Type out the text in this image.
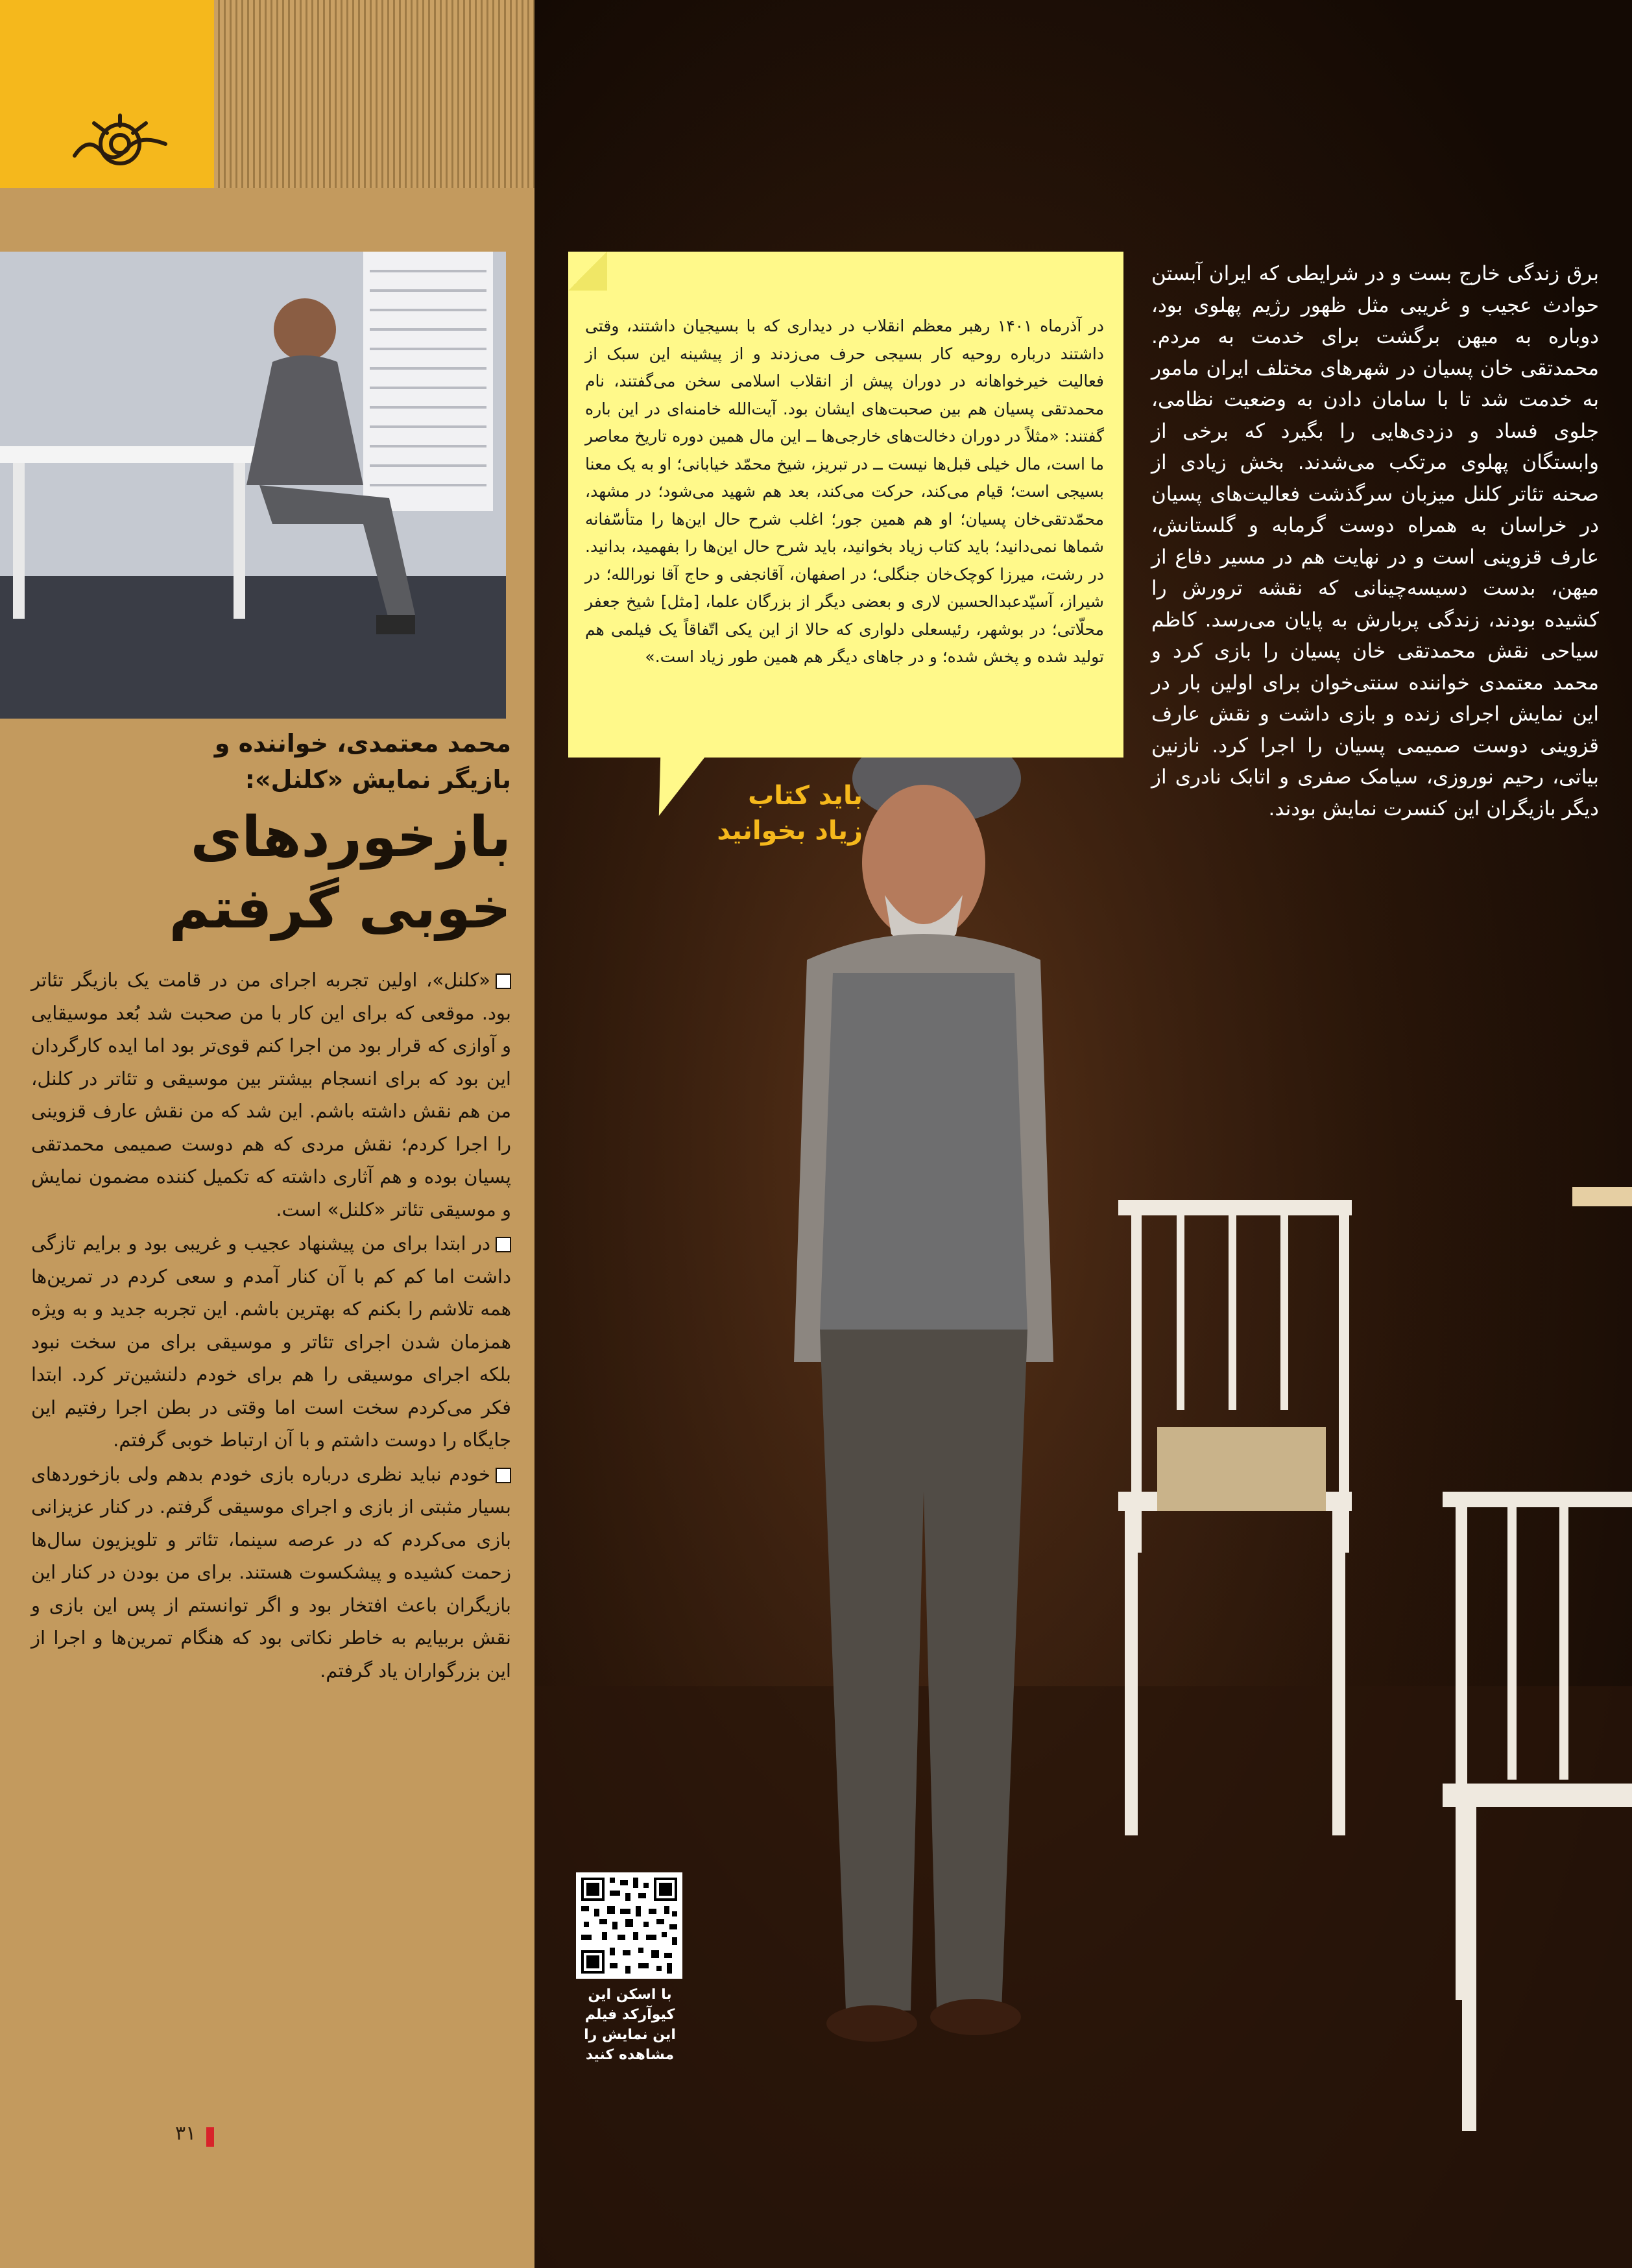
محمد معتمدی، خواننده و

بازیگر نمایش «کلنل»:

بازخوردهای
خوبی گرفتم

«کلنل»، اولین تجربه اجرای من در قامت یک بازیگر تئاتر بود. موقعی که برای این کار با من صحبت شد بُعد موسیقایی و آوازی که قرار بود من اجرا کنم قوی‌تر بود اما ایده کارگردان این بود که برای انسجام بیشتر بین موسیقی و تئاتر در کلنل، من هم نقش داشته باشم. این شد که من نقش عارف قزوینی را اجرا کردم؛ نقش مردی که هم دوست صمیمی محمدتقی پسیان بوده و هم آثاری داشته که تکمیل کننده مضمون نمایش و موسیقی تئاتر «کلنل» است.

در ابتدا برای من پیشنهاد عجیب و غریبی بود و برایم تازگی داشت اما کم کم با آن کنار آمدم و سعی کردم در تمرین‌ها همه تلاشم را بکنم که بهترین باشم. این تجربه جدید و به ویژه همزمان شدن اجرای تئاتر و موسیقی برای من سخت نبود بلکه اجرای موسیقی را هم برای خودم دلنشین‌تر کرد. ابتدا فکر می‌کردم سخت است اما وقتی در بطن اجرا رفتیم این جایگاه را دوست داشتم و با آن ارتباط خوبی گرفتم.

خودم نباید نظری درباره بازی خودم بدهم ولی بازخوردهای بسیار مثبتی از بازی و اجرای موسیقی گرفتم. در کنار عزیزانی بازی می‌کردم که در عرصه سینما، تئاتر و تلویزیون سال‌ها زحمت کشیده و پیشکسوت هستند. برای من بودن در کنار این بازیگران باعث افتخار بود و اگر توانستم از پس این بازی و نقش بربیایم به خاطر نکاتی بود که هنگام تمرین‌ها و اجرا از این بزرگواران یاد گرفتم.

۳۱

در آذرماه ۱۴۰۱ رهبر معظم انقلاب در دیداری که با بسیجیان داشتند، وقتی داشتند درباره روحیه کار بسیجی حرف می‌زدند و از پیشینه این سبک از فعالیت خیرخواهانه در دوران پیش از انقلاب اسلامی سخن می‌گفتند، نام محمدتقی پسیان هم بین صحبت‌های ایشان بود. آیت‌الله خامنه‌ای در این باره گفتند: «مثلاً در دوران دخالت‌های خارجی‌ها ــ این مال همین دوره تاریخ معاصر ما است، مال خیلی قبل‌ها نیست ــ در تبریز، شیخ محمّد خیابانی؛ او به یک معنا بسیجی است؛ قیام می‌کند، حرکت می‌کند، بعد هم شهید می‌شود؛ در مشهد، محمّدتقی‌خان پسیان؛ او هم همین جور؛ اغلب شرح حال این‌ها را متأسّفانه شماها نمی‌دانید؛ باید کتاب زیاد بخوانید، باید شرح حال این‌ها را بفهمید، بدانید. در رشت، میرزا کوچک‌خان جنگلی؛ در اصفهان، آقانجفی و حاج آقا نورالله؛ در شیراز، آسیّدعبدالحسین لاری و بعضی دیگر از بزرگان علما، [مثل] شیخ جعفر محلّاتی؛ در بوشهر، رئیسعلی دلواری که حالا از این یکی اتّفاقاً یک فیلمی هم تولید شده و پخش شده؛ و در جاهای دیگر هم همین طور زیاد است.»

باید کتاب
زیاد بخوانید

برق زندگی خارج بست و در شرایطی که ایران آبستن حوادث عجیب و غریبی مثل ظهور رژیم پهلوی بود، دوباره به میهن برگشت برای خدمت به مردم. محمدتقی خان پسیان در شهرهای مختلف ایران مامور به خدمت شد تا با سامان دادن به وضعیت نظامی، جلوی فساد و دزدی‌هایی را بگیرد که برخی از وابستگان پهلوی مرتکب می‌شدند. بخش زیادی از صحنه تئاتر کلنل میزبان سرگذشت فعالیت‌های پسیان در خراسان به همراه دوست گرمابه و گلستانش، عارف قزوینی است و در نهایت هم در مسیر دفاع از میهن، بدست دسیسه‌چینانی که نقشه ترورش را کشیده بودند، زندگی پربارش به پایان می‌رسد. کاظم سیاحی نقش محمدتقی خان پسیان را بازی کرد و محمد معتمدی خواننده سنتی‌خوان برای اولین بار در این نمایش اجرای زنده و بازی داشت و نقش عارف قزوینی دوست صمیمی پسیان را اجرا کرد. نازنین بیاتی، رحیم نوروزی، سیامک صفری و اتابک نادری از دیگر بازیگران این کنسرت نمایش بودند.

با اسکن این
کیوآرکد فیلم
این نمایش را
مشاهده کنید
